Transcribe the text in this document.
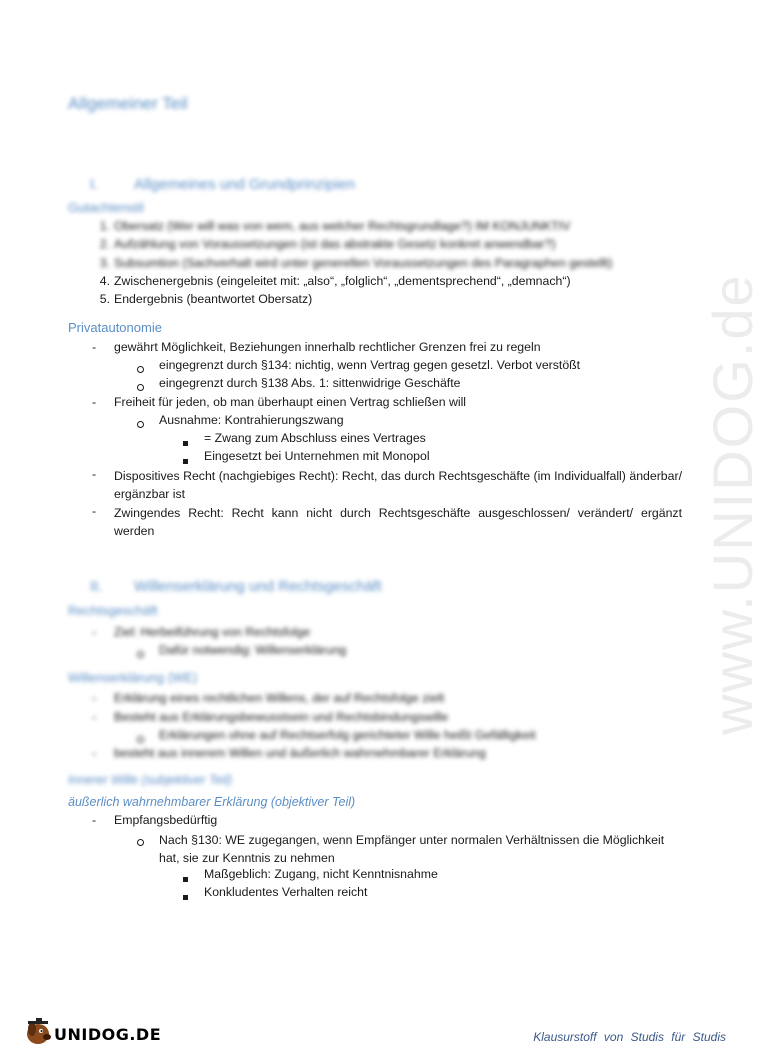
www.UNIDOG.de
Allgemeiner Teil
I. Allgemeines und Grundprinzipien
Gutachtenstil
1. Obersatz (Wer will was von wem, aus welcher Rechtsgrundlage?) IM KONJUNKTIV
2. Aufzählung von Voraussetzungen (ist das abstrakte Gesetz konkret anwendbar?)
3. Subsumtion (Sachverhalt wird unter generellen Voraussetzungen des Paragraphen gestellt)
4. Zwischenergebnis (eingeleitet mit: „also“, „folglich“, „dementsprechend“, „demnach“)
5. Endergebnis (beantwortet Obersatz)
Privatautonomie
- gewährt Möglichkeit, Beziehungen innerhalb rechtlicher Grenzen frei zu regeln
eingegrenzt durch §134: nichtig, wenn Vertrag gegen gesetzl. Verbot verstößt
eingegrenzt durch §138 Abs. 1: sittenwidrige Geschäfte
- Freiheit für jeden, ob man überhaupt einen Vertrag schließen will
Ausnahme: Kontrahierungszwang
= Zwang zum Abschluss eines Vertrages
Eingesetzt bei Unternehmen mit Monopol
- Dispositives Recht (nachgiebiges Recht): Recht, das durch Rechtsgeschäfte (im Individualfall) änderbar/ ergänzbar ist
- Zwingendes Recht: Recht kann nicht durch Rechtsgeschäfte ausgeschlossen/ verändert/ ergänzt werden
II. Willenserklärung und Rechtsgeschäft
Rechtsgeschäft
- Ziel: Herbeiführung von Rechtsfolge
Dafür notwendig: Willenserklärung
Willenserklärung (WE)
- Erklärung eines rechtlichen Willens, der auf Rechtsfolge zielt
- Besteht aus Erklärungsbewusstsein und Rechtsbindungswille
Erklärungen ohne auf Rechtserfolg gerichteter Wille heißt Gefälligkeit
- besteht aus innerem Willen und äußerlich wahrnehmbarer Erklärung
Innerer Wille (subjektiver Teil)
äußerlich wahrnehmbarer Erklärung (objektiver Teil)
- Empfangsbedürftig
Nach §130: WE zugegangen, wenn Empfänger unter normalen Verhältnissen die Möglichkeit hat, sie zur Kenntnis zu nehmen
Maßgeblich: Zugang, nicht Kenntnisnahme
Konkludentes Verhalten reicht
UNIDOG.DE	Klausurstoff von Studis für Studis
